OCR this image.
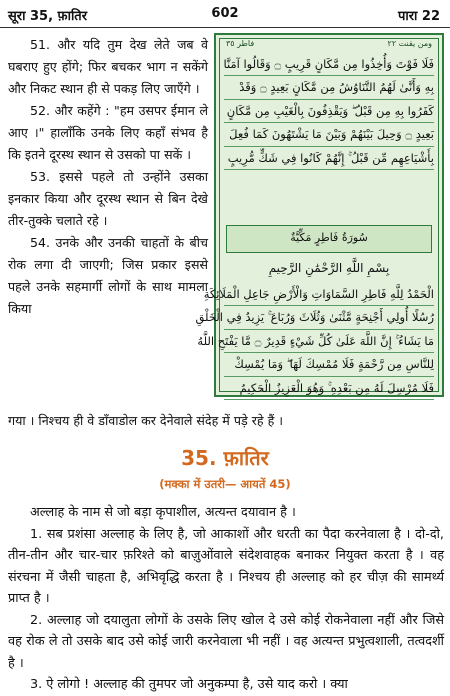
सूरा 35, फ़ातिर	602	पारा 22

51. और यदि तुम देख लेते जब वे घबराए हुए होंगे; फिर बचकर भाग न सकेंगे और निकट स्थान ही से पकड़ लिए जाएँगे ।

52. और कहेंगे : "हम उसपर ईमान ले आए ।" हालाँकि उनके लिए कहाँ संभव है कि इतने दूरस्थ स्थान से उसको पा सकें ।

53. इससे पहले तो उन्होंने उसका इनकार किया और दूरस्थ स्थान से बिन देखे तीर-तुक्के चलाते रहे ।

54. उनके और उनकी चाहतों के बीच रोक लगा दी जाएगी; जिस प्रकार इससे पहले उनके सहमार्गी लोगों के साथ मामला किया

فاطر ٣٥	ومن يقنت ٢٢
فَلَا فَوْتَ وَأُخِذُوا مِن مَّكَانٍ قَرِيبٍ ۝ وَقَالُوا آمَنَّا
بِهِ وَأَنَّىٰ لَهُمُ التَّنَاوُشُ مِن مَّكَانٍ بَعِيدٍ ۝ وَقَدْ
كَفَرُوا بِهِ مِن قَبْلُ ۖ وَيَقْذِفُونَ بِالْغَيْبِ مِن مَّكَانٍ
بَعِيدٍ ۝ وَحِيلَ بَيْنَهُمْ وَبَيْنَ مَا يَشْتَهُونَ كَمَا فُعِلَ
بِأَشْيَاعِهِم مِّن قَبْلُ ۚ إِنَّهُمْ كَانُوا فِي شَكٍّ مُّرِيبٍ
سُورَةُ فَاطِرٍ مَكِّيَّةٌ
بِسْمِ اللَّهِ الرَّحْمَٰنِ الرَّحِيمِ
الْحَمْدُ لِلَّهِ فَاطِرِ السَّمَاوَاتِ وَالْأَرْضِ جَاعِلِ الْمَلَائِكَةِ
رُسُلًا أُولِي أَجْنِحَةٍ مَّثْنَىٰ وَثُلَاثَ وَرُبَاعَ ۚ يَزِيدُ فِي الْخَلْقِ
مَا يَشَاءُ ۚ إِنَّ اللَّهَ عَلَىٰ كُلِّ شَيْءٍ قَدِيرٌ ۝ مَّا يَفْتَحِ اللَّهُ
لِلنَّاسِ مِن رَّحْمَةٍ فَلَا مُمْسِكَ لَهَا ۖ وَمَا يُمْسِكْ
فَلَا مُرْسِلَ لَهُ مِن بَعْدِهِ ۚ وَهُوَ الْعَزِيزُ الْحَكِيمُ
गया । निश्चय ही वे डाँवाडोल कर देनेवाले संदेह में पड़े रहे हैं ।
35. फ़ातिर
(मक्का में उतरी— आयतें 45)

अल्लाह के नाम से जो बड़ा कृपाशील, अत्यन्त दयावान है ।

1. सब प्रशंसा अल्लाह के लिए है, जो आकाशों और धरती का पैदा करनेवाला है । दो-दो, तीन-तीन और चार-चार फ़रिश्ते को बाज़ुओंवाले संदेशवाहक बनाकर नियुक्त करता है । वह संरचना में जैसी चाहता है, अभिवृद्धि करता है । निश्चय ही अल्लाह को हर चीज़ की सामर्थ्य प्राप्त है ।

2. अल्लाह जो दयालुता लोगों के उसके लिए खोल दे उसे कोई रोकनेवाला नहीं और जिसे वह रोक ले तो उसके बाद उसे कोई जारी करनेवाला भी नहीं । वह अत्यन्त प्रभुत्वशाली, तत्वदर्शी है ।

3. ऐ लोगो ! अल्लाह की तुमपर जो अनुकम्पा है, उसे याद करो । क्या
